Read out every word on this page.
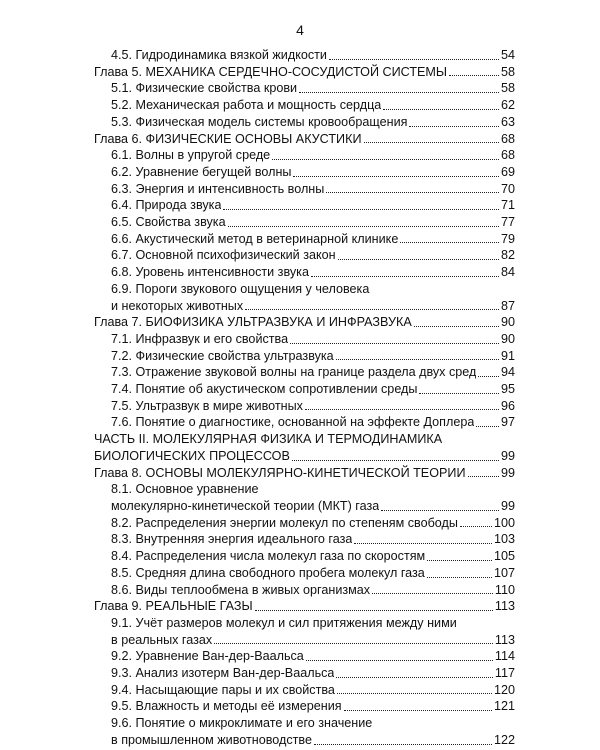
4
4.5. Гидродинамика вязкой жидкости	54
Глава 5. МЕХАНИКА СЕРДЕЧНО-СОСУДИСТОЙ СИСТЕМЫ	58
5.1. Физические свойства крови	58
5.2. Механическая работа и мощность сердца	62
5.3. Физическая модель системы кровообращения	63
Глава 6. ФИЗИЧЕСКИЕ ОСНОВЫ АКУСТИКИ	68
6.1. Волны в упругой среде	68
6.2. Уравнение бегущей волны	69
6.3. Энергия и интенсивность волны	70
6.4. Природа звука	71
6.5. Свойства звука	77
6.6. Акустический метод в ветеринарной клинике	79
6.7. Основной психофизический закон	82
6.8. Уровень интенсивности звука	84
6.9. Пороги звукового ощущения у человека
и некоторых животных	87
Глава 7. БИОФИЗИКА УЛЬТРАЗВУКА И ИНФРАЗВУКА	90
7.1. Инфразвук и его свойства	90
7.2. Физические свойства ультразвука	91
7.3. Отражение звуковой волны на границе раздела двух сред 94
7.4. Понятие об акустическом сопротивлении среды	95
7.5. Ультразвук в мире животных	96
7.6. Понятие о диагностике, основанной на эффекте Доплера 97
ЧАСТЬ II. МОЛЕКУЛЯРНАЯ ФИЗИКА И ТЕРМОДИНАМИКА
БИОЛОГИЧЕСКИХ ПРОЦЕССОВ	99
Глава 8. ОСНОВЫ МОЛЕКУЛЯРНО-КИНЕТИЧЕСКОЙ ТЕОРИИ	99
8.1. Основное уравнение
молекулярно-кинетической теории (МКТ) газа	99
8.2. Распределения энергии молекул по степеням свободы	100
8.3. Внутренняя энергия идеального газа	103
8.4. Распределения числа молекул газа по скоростям	105
8.5. Средняя длина свободного пробега молекул газа	107
8.6. Виды теплообмена в живых организмах	110
Глава 9. РЕАЛЬНЫЕ ГАЗЫ	113
9.1. Учёт размеров молекул и сил притяжения между ними
в реальных газах	113
9.2. Уравнение Ван-дер-Ваальса	114
9.3. Анализ изотерм Ван-дер-Ваальса	117
9.4. Насыщающие пары и их свойства	120
9.5. Влажность и методы её измерения	121
9.6. Понятие о микроклимате и его значение
в промышленном животноводстве	122
